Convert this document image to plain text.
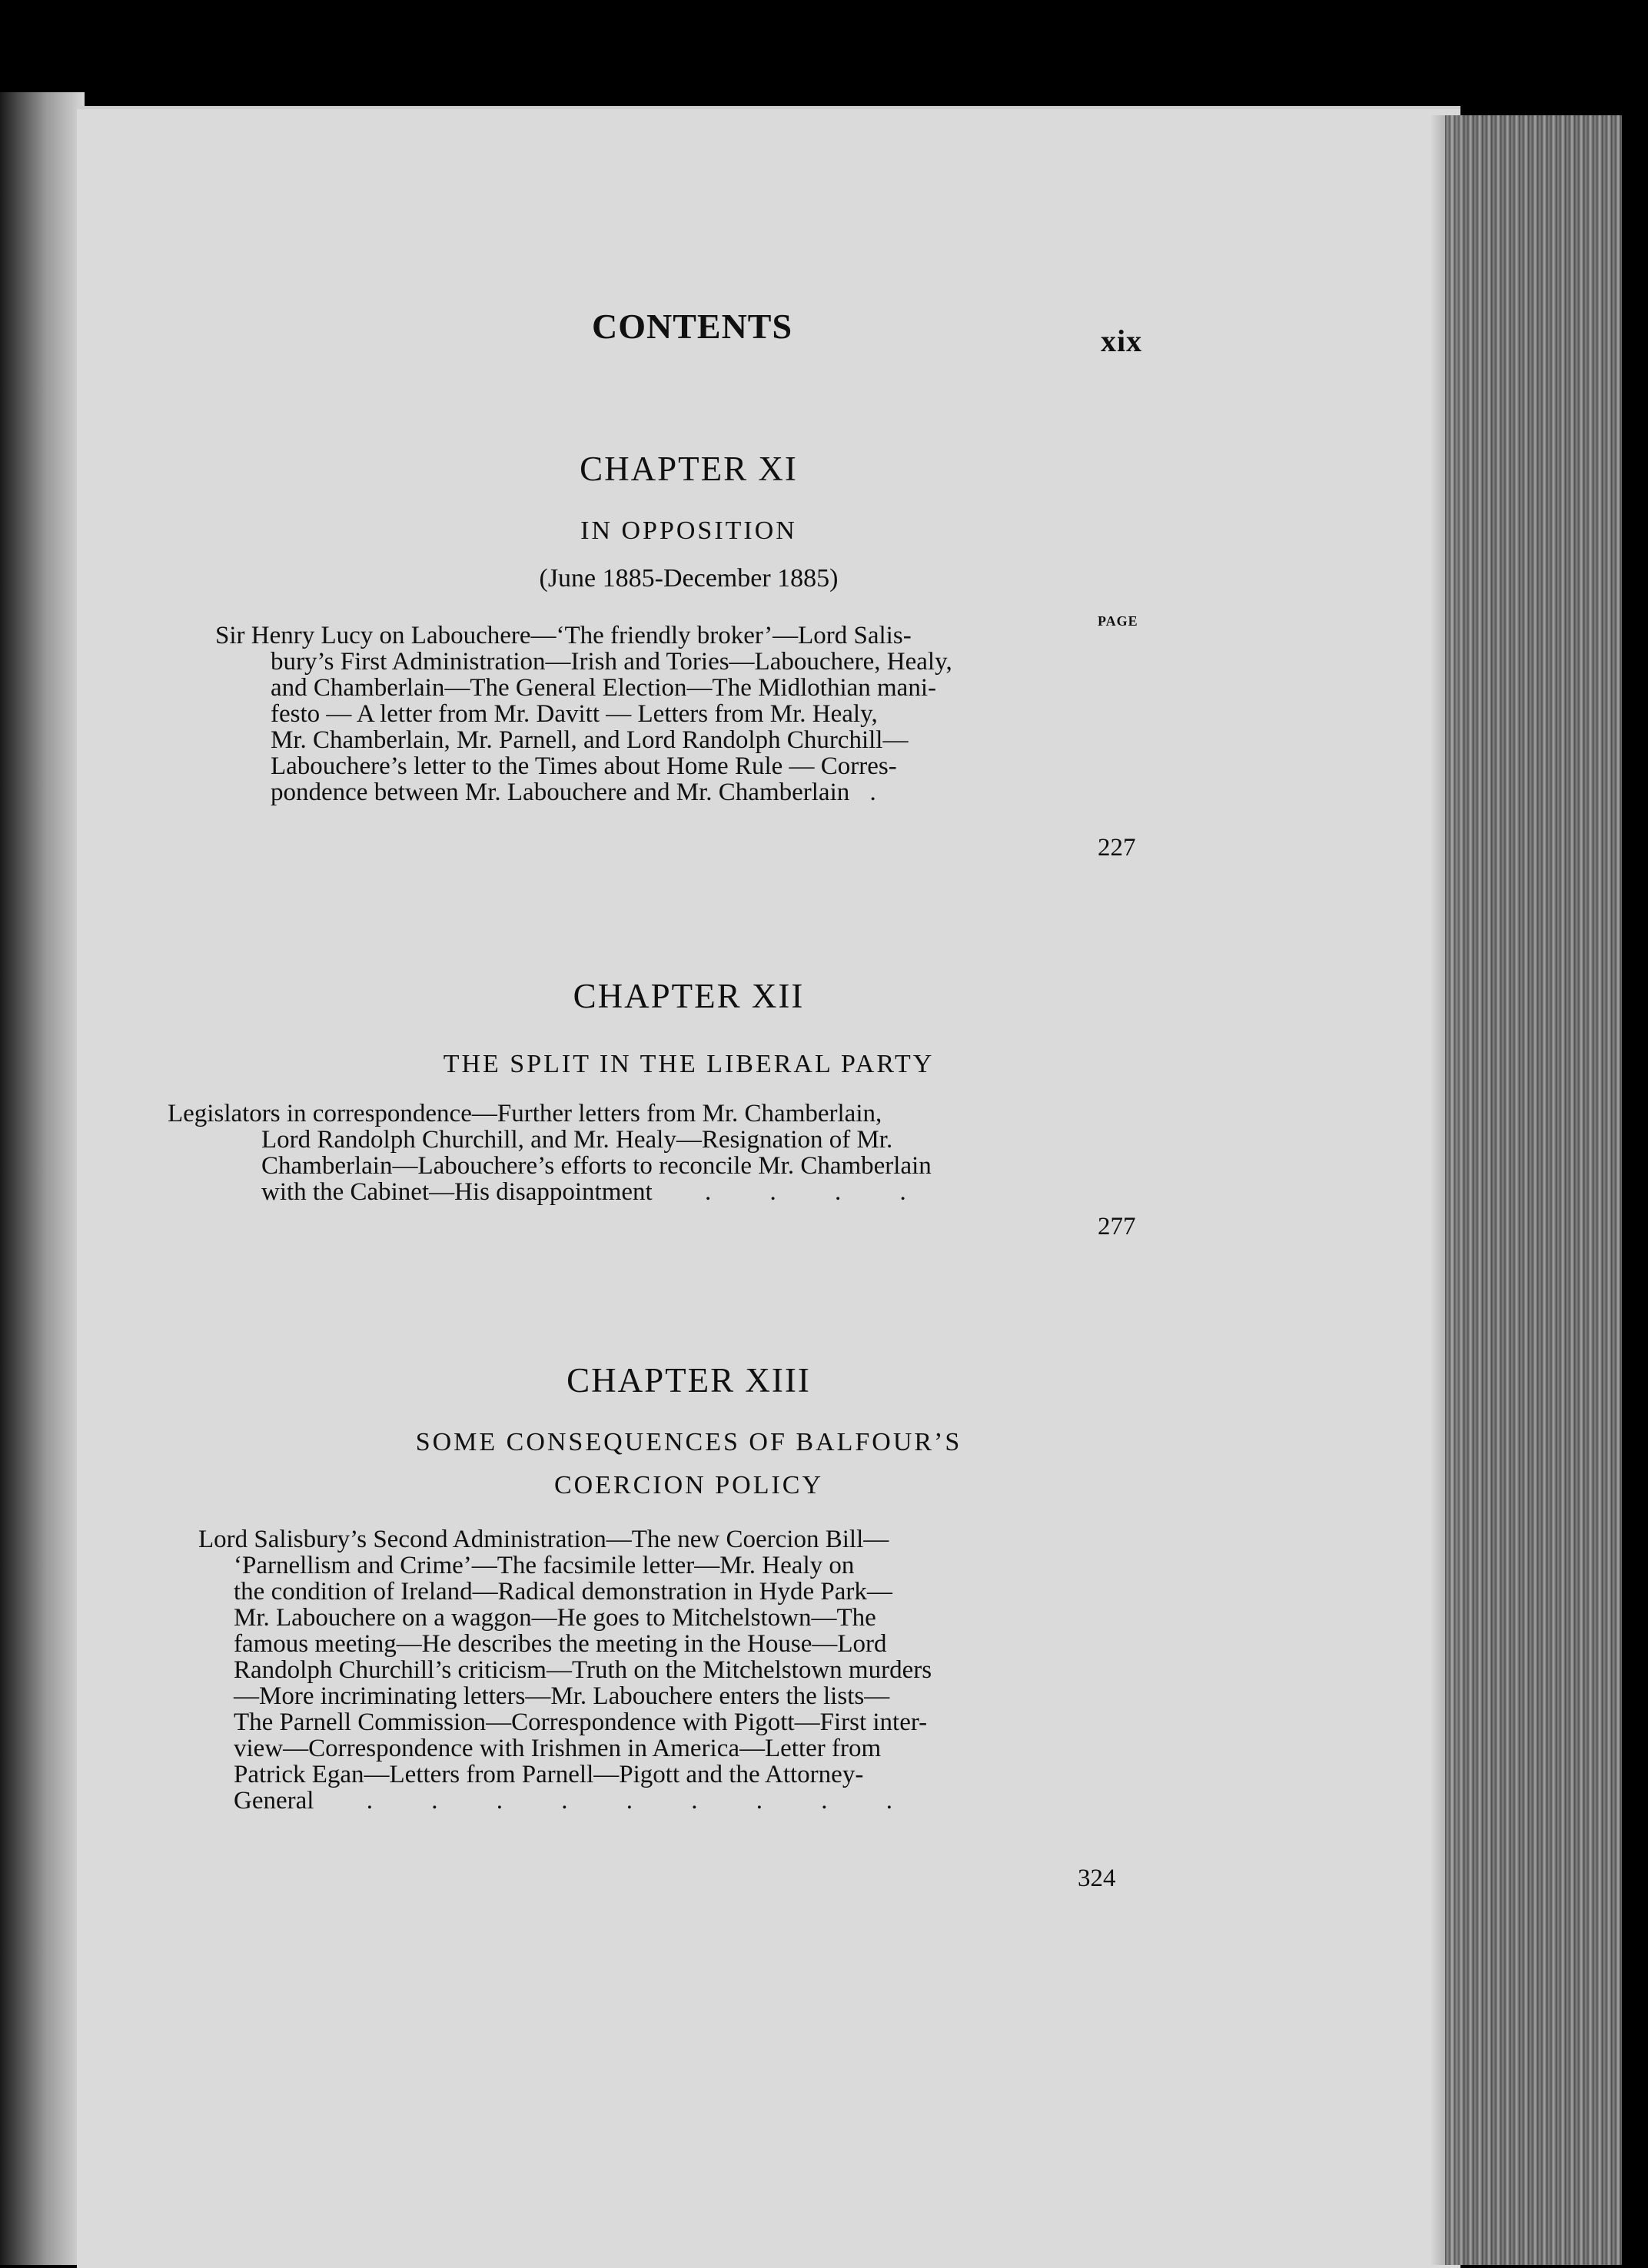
CONTENTS	xix
CHAPTER XI
IN OPPOSITION
(June 1885-December 1885)
PAGE
Sir Henry Lucy on Labouchere—‘The friendly broker’—Lord Salis-
bury’s First Administration—Irish and Tories—Labouchere, Healy,
and Chamberlain—The General Election—The Midlothian mani-
festo — A letter from Mr. Davitt — Letters from Mr. Healy,
Mr. Chamberlain, Mr. Parnell, and Lord Randolph Churchill—
Labouchere’s letter to the Times about Home Rule — Corres-
pondence between Mr. Labouchere and Mr. Chamberlain .
227
CHAPTER XII
THE SPLIT IN THE LIBERAL PARTY
Legislators in correspondence—Further letters from Mr. Chamberlain,
Lord Randolph Churchill, and Mr. Healy—Resignation of Mr.
Chamberlain—Labouchere’s efforts to reconcile Mr. Chamberlain
with the Cabinet—His disappointment . . . .
277
CHAPTER XIII
SOME CONSEQUENCES OF BALFOUR’S
COERCION POLICY
Lord Salisbury’s Second Administration—The new Coercion Bill—
‘Parnellism and Crime’—The facsimile letter—Mr. Healy on
the condition of Ireland—Radical demonstration in Hyde Park—
Mr. Labouchere on a waggon—He goes to Mitchelstown—The
famous meeting—He describes the meeting in the House—Lord
Randolph Churchill’s criticism—Truth on the Mitchelstown murders
—More incriminating letters—Mr. Labouchere enters the lists—
The Parnell Commission—Correspondence with Pigott—First inter-
view—Correspondence with Irishmen in America—Letter from
Patrick Egan—Letters from Parnell—Pigott and the Attorney-
General . . . . . . . . .
324
